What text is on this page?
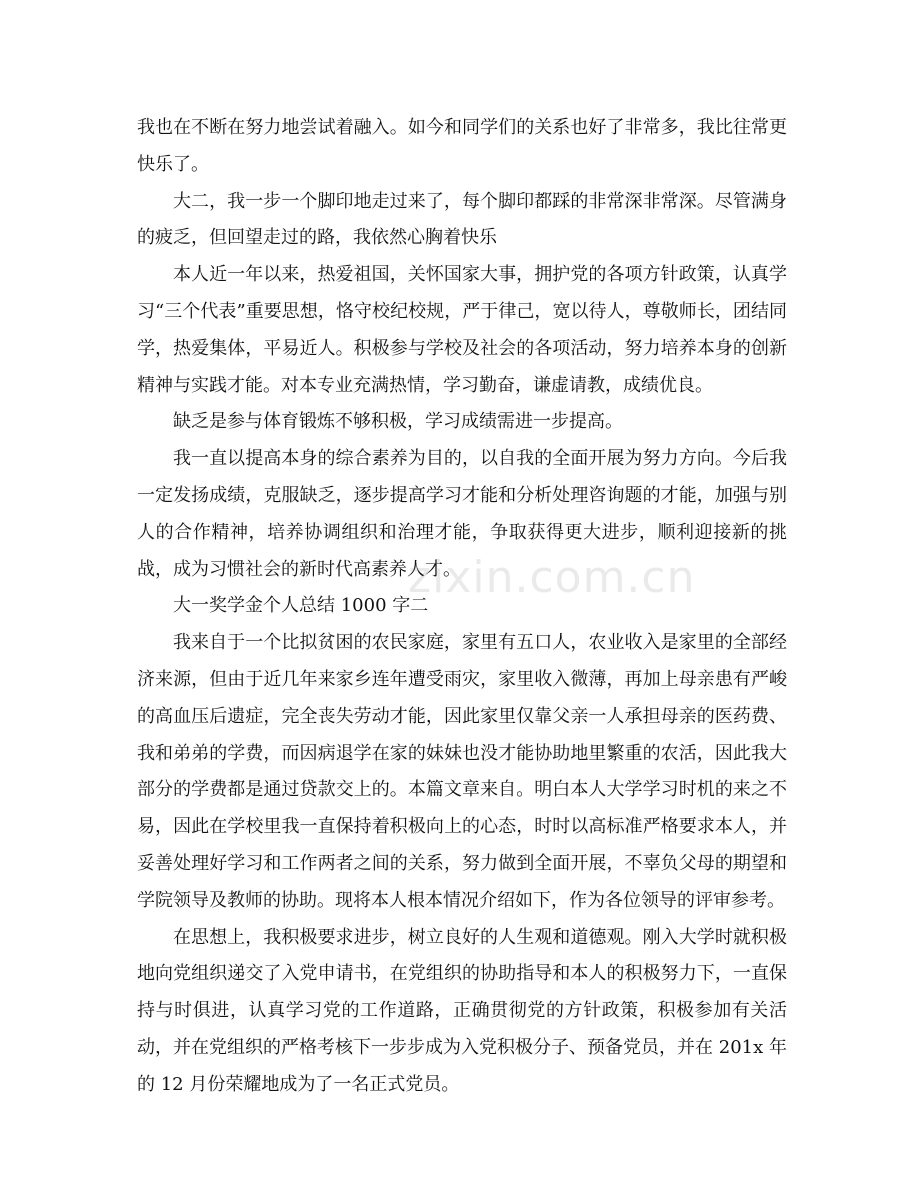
我也在不断在努力地尝试着融入。如今和同学们的关系也好了非常多，我比往常更快乐了。

大二，我一步一个脚印地走过来了，每个脚印都踩的非常深非常深。尽管满身的疲乏，但回望走过的路，我依然心胸着快乐

本人近一年以来，热爱祖国，关怀国家大事，拥护党的各项方针政策，认真学习“三个代表”重要思想，恪守校纪校规，严于律己，宽以待人，尊敬师长，团结同学，热爱集体，平易近人。积极参与学校及社会的各项活动，努力培养本身的创新精神与实践才能。对本专业充满热情，学习勤奋，谦虚请教，成绩优良。

缺乏是参与体育锻炼不够积极，学习成绩需进一步提高。

我一直以提高本身的综合素养为目的，以自我的全面开展为努力方向。今后我一定发扬成绩，克服缺乏，逐步提高学习才能和分析处理咨询题的才能，加强与别人的合作精神，培养协调组织和治理才能，争取获得更大进步，顺利迎接新的挑战，成为习惯社会的新时代高素养人才。

大一奖学金个人总结 1000 字二

我来自于一个比拟贫困的农民家庭，家里有五口人，农业收入是家里的全部经济来源，但由于近几年来家乡连年遭受雨灾，家里收入微薄，再加上母亲患有严峻的高血压后遗症，完全丧失劳动才能，因此家里仅靠父亲一人承担母亲的医药费、我和弟弟的学费，而因病退学在家的妹妹也没才能协助地里繁重的农活，因此我大部分的学费都是通过贷款交上的。本篇文章来自。明白本人大学学习时机的来之不易，因此在学校里我一直保持着积极向上的心态，时时以高标准严格要求本人，并妥善处理好学习和工作两者之间的关系，努力做到全面开展，不辜负父母的期望和学院领导及教师的协助。现将本人根本情况介绍如下，作为各位领导的评审参考。

在思想上，我积极要求进步，树立良好的人生观和道德观。刚入大学时就积极地向党组织递交了入党申请书，在党组织的协助指导和本人的积极努力下，一直保持与时俱进，认真学习党的工作道路，正确贯彻党的方针政策，积极参加有关活动，并在党组织的严格考核下一步步成为入党积极分子、预备党员，并在 201x 年的 12 月份荣耀地成为了一名正式党员。

zixin.com.cn
